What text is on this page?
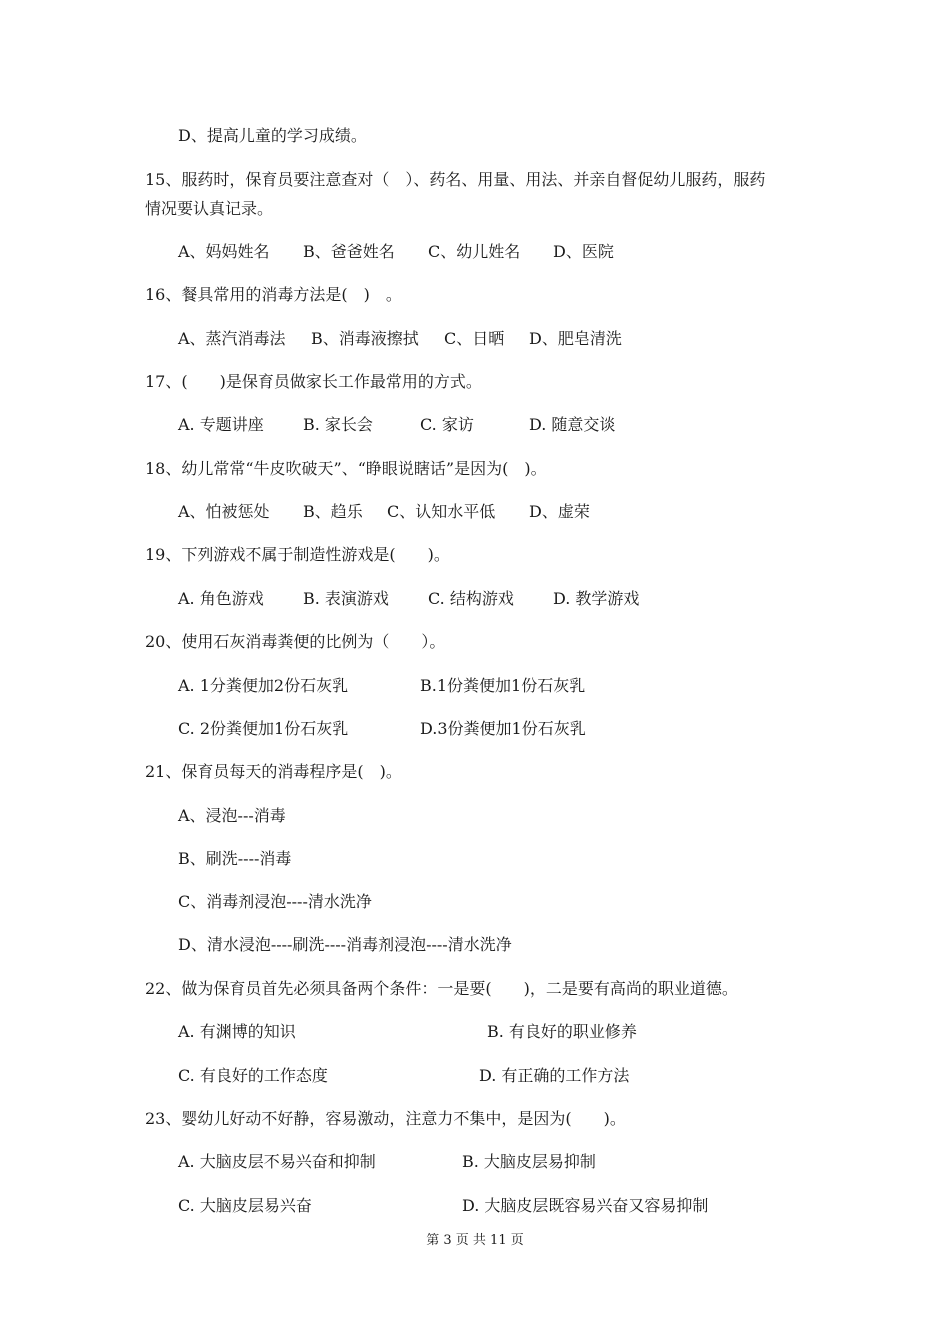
D、提高儿童的学习成绩。
15、服药时，保育员要注意查对（　）、药名、用量、用法、并亲自督促幼儿服药，服药
情况要认真记录。
A、妈妈姓名 B、爸爸姓名 C、幼儿姓名 D、医院
16、餐具常用的消毒方法是(　)　。
A、蒸汽消毒法 B、消毒液擦拭 C、日晒 D、肥皂清洗
17、(　　)是保育员做家长工作最常用的方式。
A. 专题讲座 B. 家长会	C. 家访	D. 随意交谈
18、幼儿常常“牛皮吹破天”、“睁眼说瞎话”是因为(　)。
A、怕被惩处 B、趋乐 C、认知水平低 D、虚荣
19、下列游戏不属于制造性游戏是(　　)。
A. 角色游戏 B. 表演游戏 C. 结构游戏 D. 教学游戏
20、使用石灰消毒粪便的比例为（　　）。
A. 1分粪便加2份石灰乳	B.1份粪便加1份石灰乳
C. 2份粪便加1份石灰乳	D.3份粪便加1份石灰乳
21、保育员每天的消毒程序是(　)。
A、浸泡---消毒
B、刷洗----消毒
C、消毒剂浸泡----清水洗净
D、清水浸泡----刷洗----消毒剂浸泡----清水洗净
22、做为保育员首先必须具备两个条件：一是要(　　)，二是要有高尚的职业道德。
A. 有渊博的知识	B. 有良好的职业修养
C. 有良好的工作态度	D. 有正确的工作方法
23、婴幼儿好动不好静，容易激动，注意力不集中，是因为(　　)。
A. 大脑皮层不易兴奋和抑制	B. 大脑皮层易抑制
C. 大脑皮层易兴奋	D. 大脑皮层既容易兴奋又容易抑制
第 3 页 共 11 页
